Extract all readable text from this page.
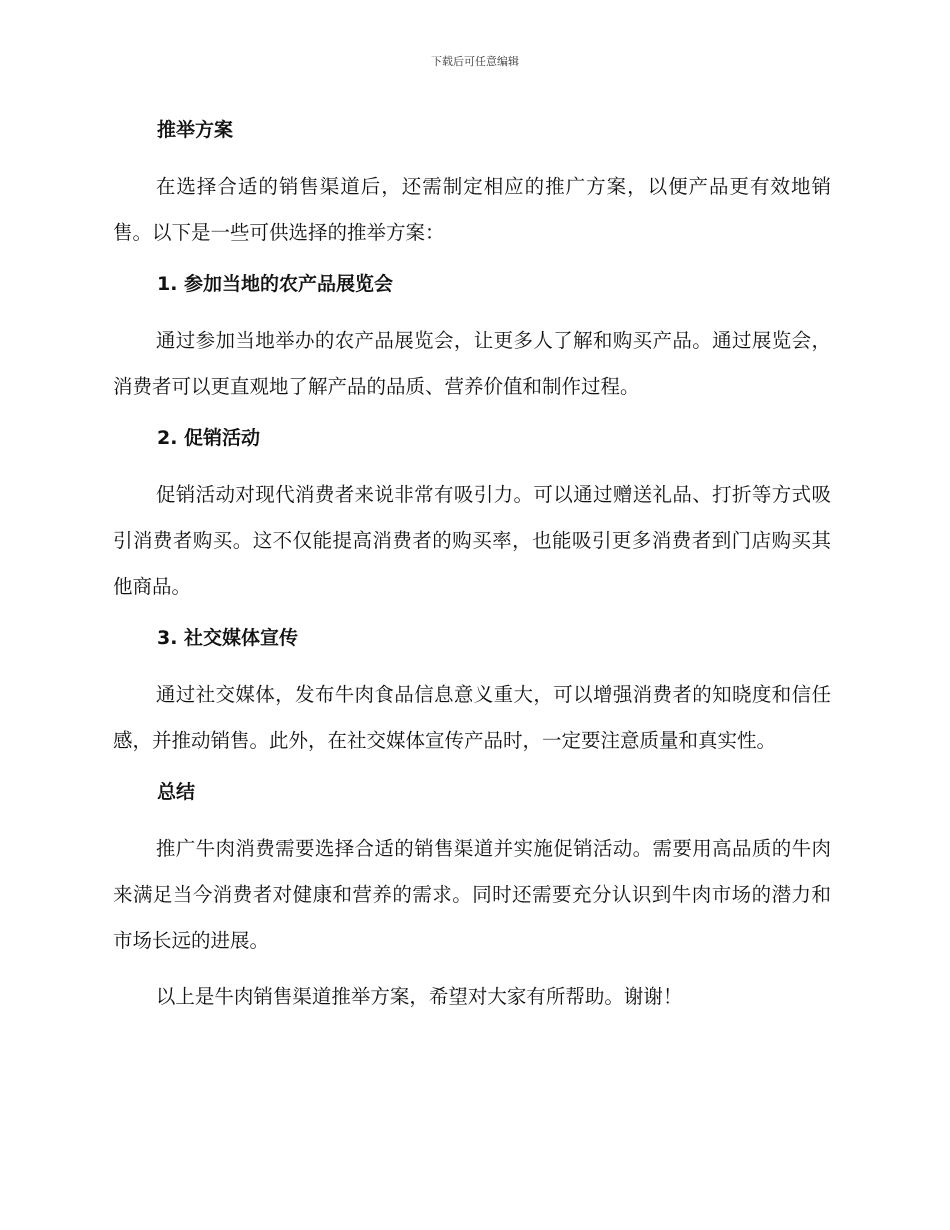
下载后可任意编辑
推举方案

在选择合适的销售渠道后，还需制定相应的推广方案，以便产品更有效地销售。以下是一些可供选择的推举方案：

1. 参加当地的农产品展览会

通过参加当地举办的农产品展览会，让更多人了解和购买产品。通过展览会，消费者可以更直观地了解产品的品质、营养价值和制作过程。

2. 促销活动

促销活动对现代消费者来说非常有吸引力。可以通过赠送礼品、打折等方式吸引消费者购买。这不仅能提高消费者的购买率，也能吸引更多消费者到门店购买其他商品。

3. 社交媒体宣传

通过社交媒体，发布牛肉食品信息意义重大，可以增强消费者的知晓度和信任感，并推动销售。此外，在社交媒体宣传产品时，一定要注意质量和真实性。

总结

推广牛肉消费需要选择合适的销售渠道并实施促销活动。需要用高品质的牛肉来满足当今消费者对健康和营养的需求。同时还需要充分认识到牛肉市场的潜力和市场长远的进展。

以上是牛肉销售渠道推举方案，希望对大家有所帮助。谢谢！
